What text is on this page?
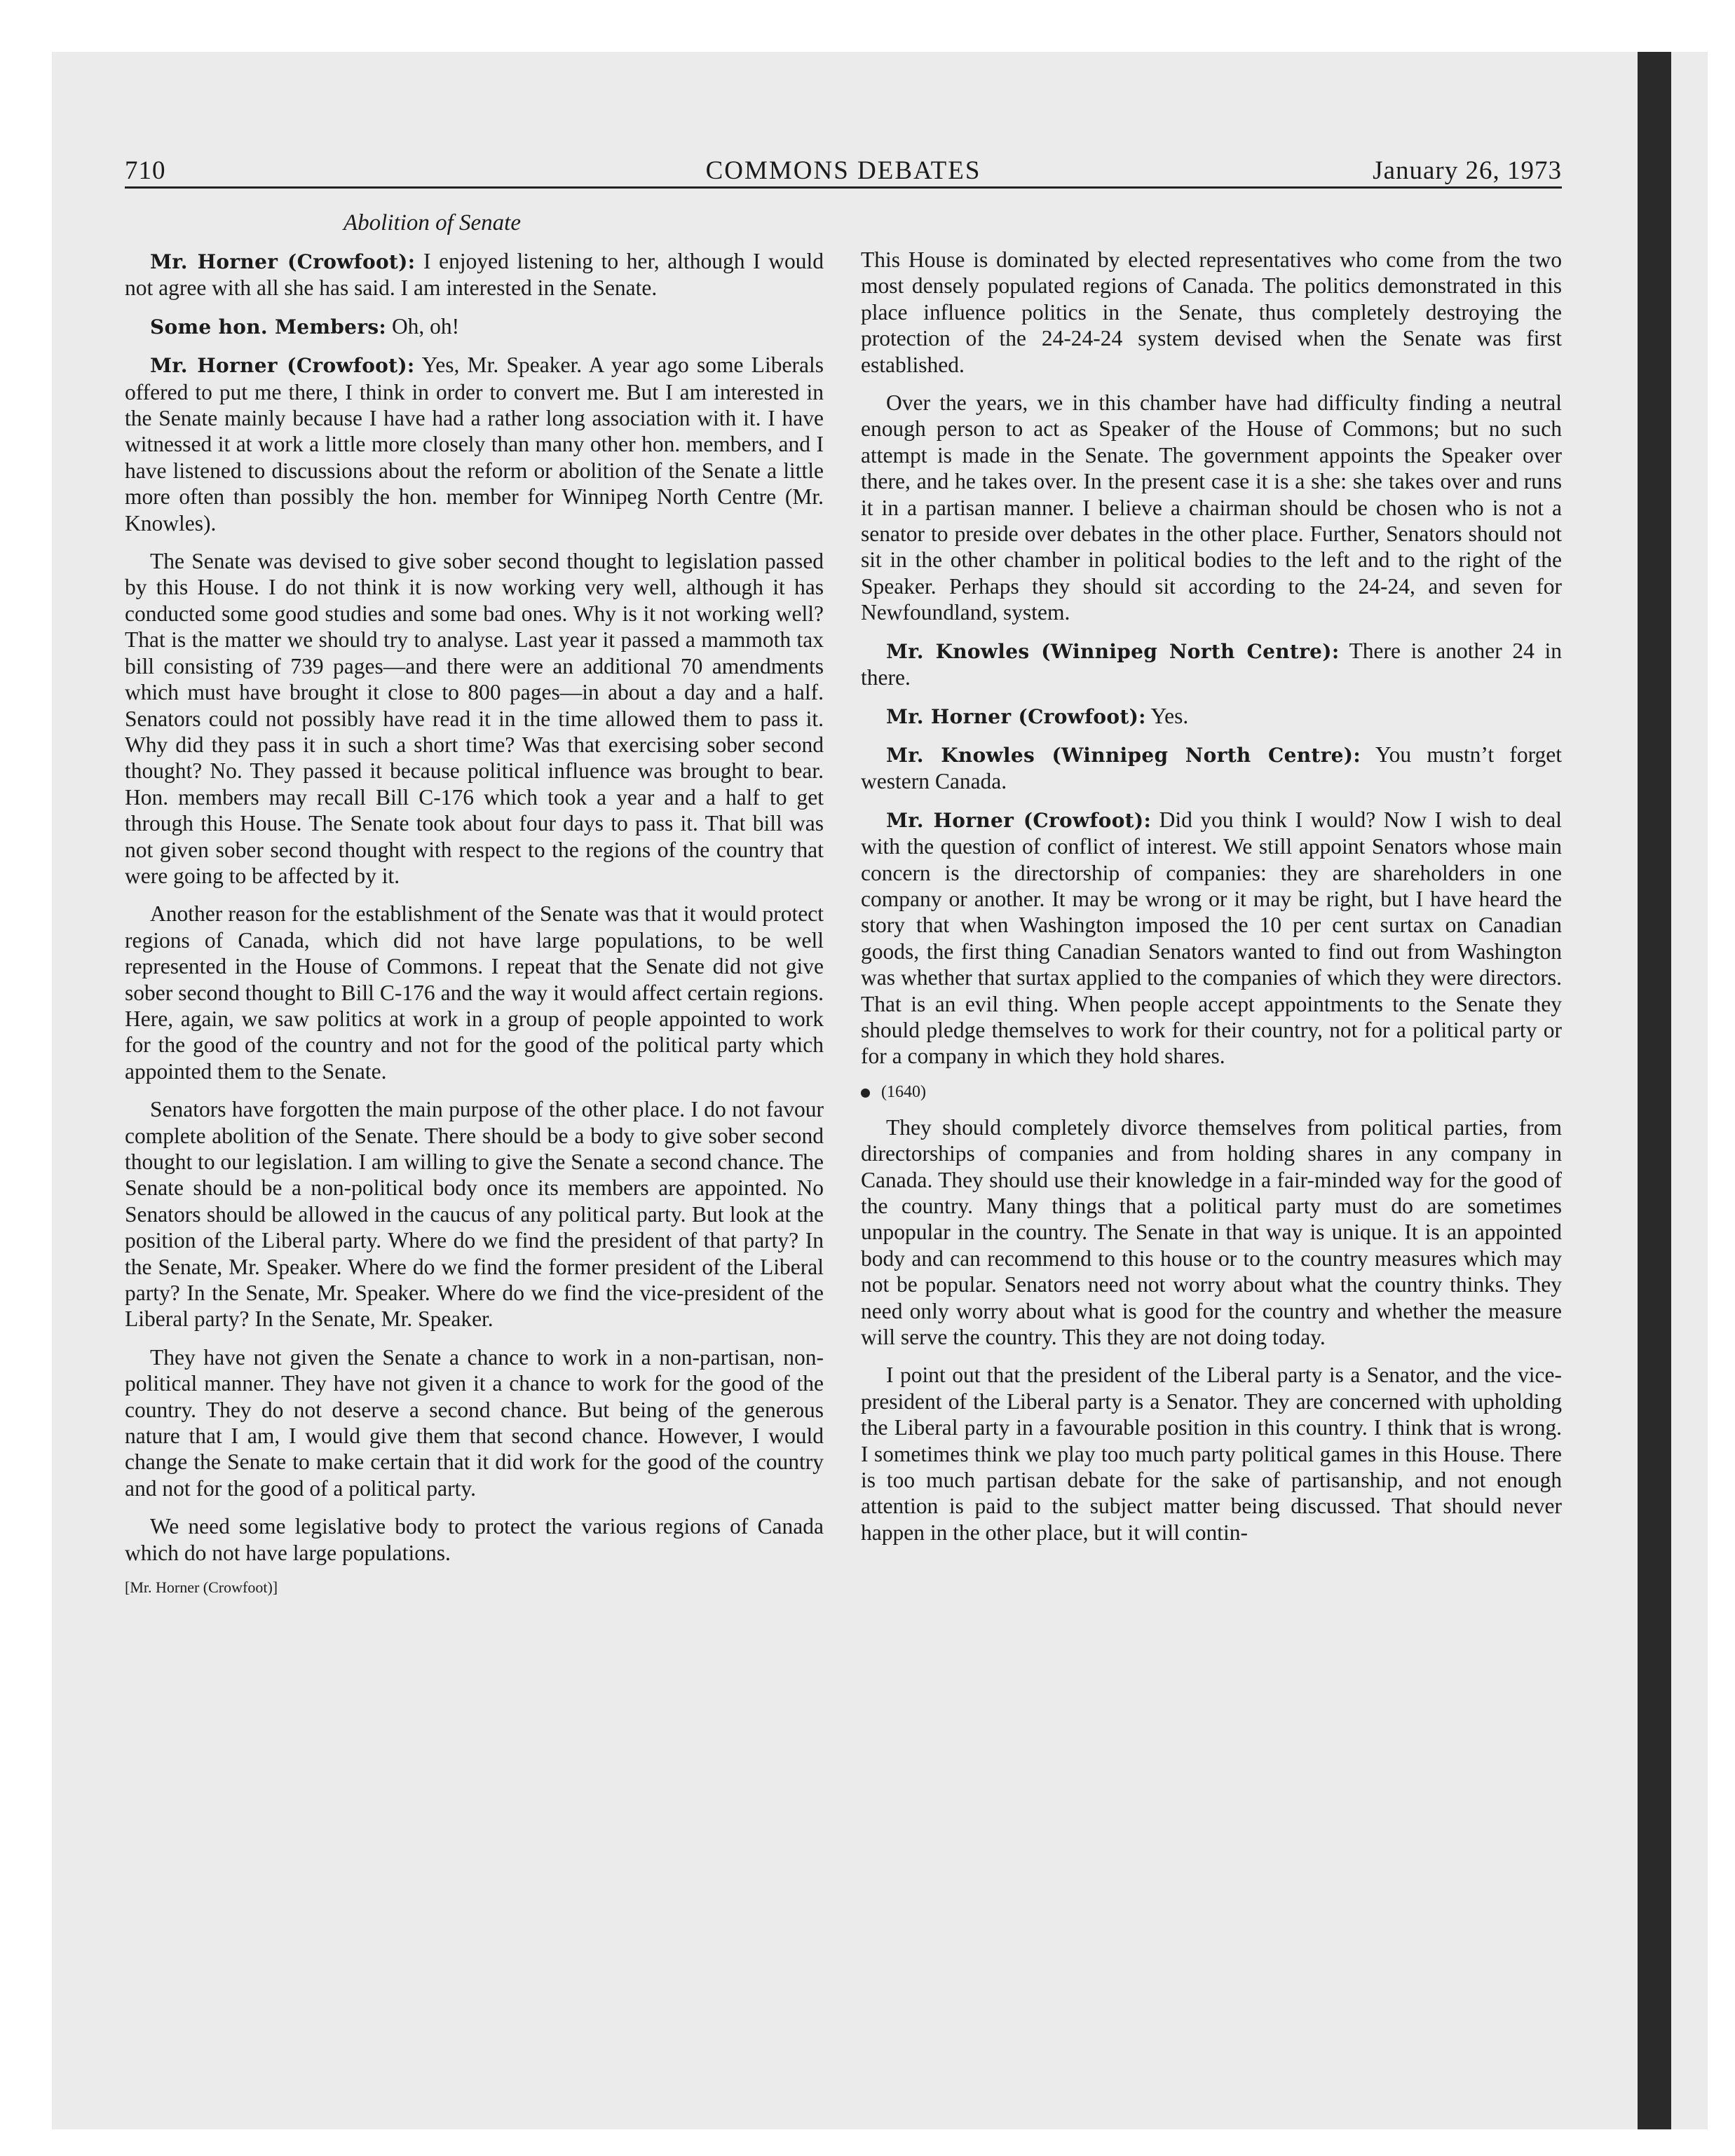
710	COMMONS DEBATES	January 26, 1973
Abolition of Senate

Mr. Horner (Crowfoot): I enjoyed listening to her, although I would not agree with all she has said. I am interested in the Senate.

Some hon. Members: Oh, oh!

Mr. Horner (Crowfoot): Yes, Mr. Speaker. A year ago some Liberals offered to put me there, I think in order to convert me. But I am interested in the Senate mainly because I have had a rather long association with it. I have witnessed it at work a little more closely than many other hon. members, and I have listened to discussions about the reform or abolition of the Senate a little more often than possibly the hon. member for Winnipeg North Centre (Mr. Knowles).

The Senate was devised to give sober second thought to legislation passed by this House. I do not think it is now working very well, although it has conducted some good studies and some bad ones. Why is it not working well? That is the matter we should try to analyse. Last year it passed a mammoth tax bill consisting of 739 pages—and there were an additional 70 amendments which must have brought it close to 800 pages—in about a day and a half. Senators could not possibly have read it in the time allowed them to pass it. Why did they pass it in such a short time? Was that exercising sober second thought? No. They passed it because political influence was brought to bear. Hon. members may recall Bill C-176 which took a year and a half to get through this House. The Senate took about four days to pass it. That bill was not given sober second thought with respect to the regions of the country that were going to be affected by it.

Another reason for the establishment of the Senate was that it would protect regions of Canada, which did not have large populations, to be well represented in the House of Commons. I repeat that the Senate did not give sober second thought to Bill C-176 and the way it would affect certain regions. Here, again, we saw politics at work in a group of people appointed to work for the good of the country and not for the good of the political party which appointed them to the Senate.

Senators have forgotten the main purpose of the other place. I do not favour complete abolition of the Senate. There should be a body to give sober second thought to our legislation. I am willing to give the Senate a second chance. The Senate should be a non-political body once its members are appointed. No Senators should be allowed in the caucus of any political party. But look at the position of the Liberal party. Where do we find the president of that party? In the Senate, Mr. Speaker. Where do we find the former president of the Liberal party? In the Senate, Mr. Speaker. Where do we find the vice-president of the Liberal party? In the Senate, Mr. Speaker.

They have not given the Senate a chance to work in a non-partisan, non-political manner. They have not given it a chance to work for the good of the country. They do not deserve a second chance. But being of the generous nature that I am, I would give them that second chance. However, I would change the Senate to make certain that it did work for the good of the country and not for the good of a political party.

We need some legislative body to protect the various regions of Canada which do not have large populations.

[Mr. Horner (Crowfoot)]

This House is dominated by elected representatives who come from the two most densely populated regions of Canada. The politics demonstrated in this place influence politics in the Senate, thus completely destroying the protection of the 24-24-24 system devised when the Senate was first established.

Over the years, we in this chamber have had difficulty finding a neutral enough person to act as Speaker of the House of Commons; but no such attempt is made in the Senate. The government appoints the Speaker over there, and he takes over. In the present case it is a she: she takes over and runs it in a partisan manner. I believe a chairman should be chosen who is not a senator to preside over debates in the other place. Further, Senators should not sit in the other chamber in political bodies to the left and to the right of the Speaker. Perhaps they should sit according to the 24-24, and seven for Newfoundland, system.

Mr. Knowles (Winnipeg North Centre): There is another 24 in there.

Mr. Horner (Crowfoot): Yes.

Mr. Knowles (Winnipeg North Centre): You mustn’t forget western Canada.

Mr. Horner (Crowfoot): Did you think I would? Now I wish to deal with the question of conflict of interest. We still appoint Senators whose main concern is the directorship of companies: they are shareholders in one company or another. It may be wrong or it may be right, but I have heard the story that when Washington imposed the 10 per cent surtax on Canadian goods, the first thing Canadian Senators wanted to find out from Washington was whether that surtax applied to the companies of which they were directors. That is an evil thing. When people accept appointments to the Senate they should pledge themselves to work for their country, not for a political party or for a company in which they hold shares.

(1640)

They should completely divorce themselves from political parties, from directorships of companies and from holding shares in any company in Canada. They should use their knowledge in a fair-minded way for the good of the country. Many things that a political party must do are sometimes unpopular in the country. The Senate in that way is unique. It is an appointed body and can recommend to this house or to the country measures which may not be popular. Senators need not worry about what the country thinks. They need only worry about what is good for the country and whether the measure will serve the country. This they are not doing today.

I point out that the president of the Liberal party is a Senator, and the vice-president of the Liberal party is a Senator. They are concerned with upholding the Liberal party in a favourable position in this country. I think that is wrong. I sometimes think we play too much party political games in this House. There is too much partisan debate for the sake of partisanship, and not enough attention is paid to the subject matter being discussed. That should never happen in the other place, but it will contin-
